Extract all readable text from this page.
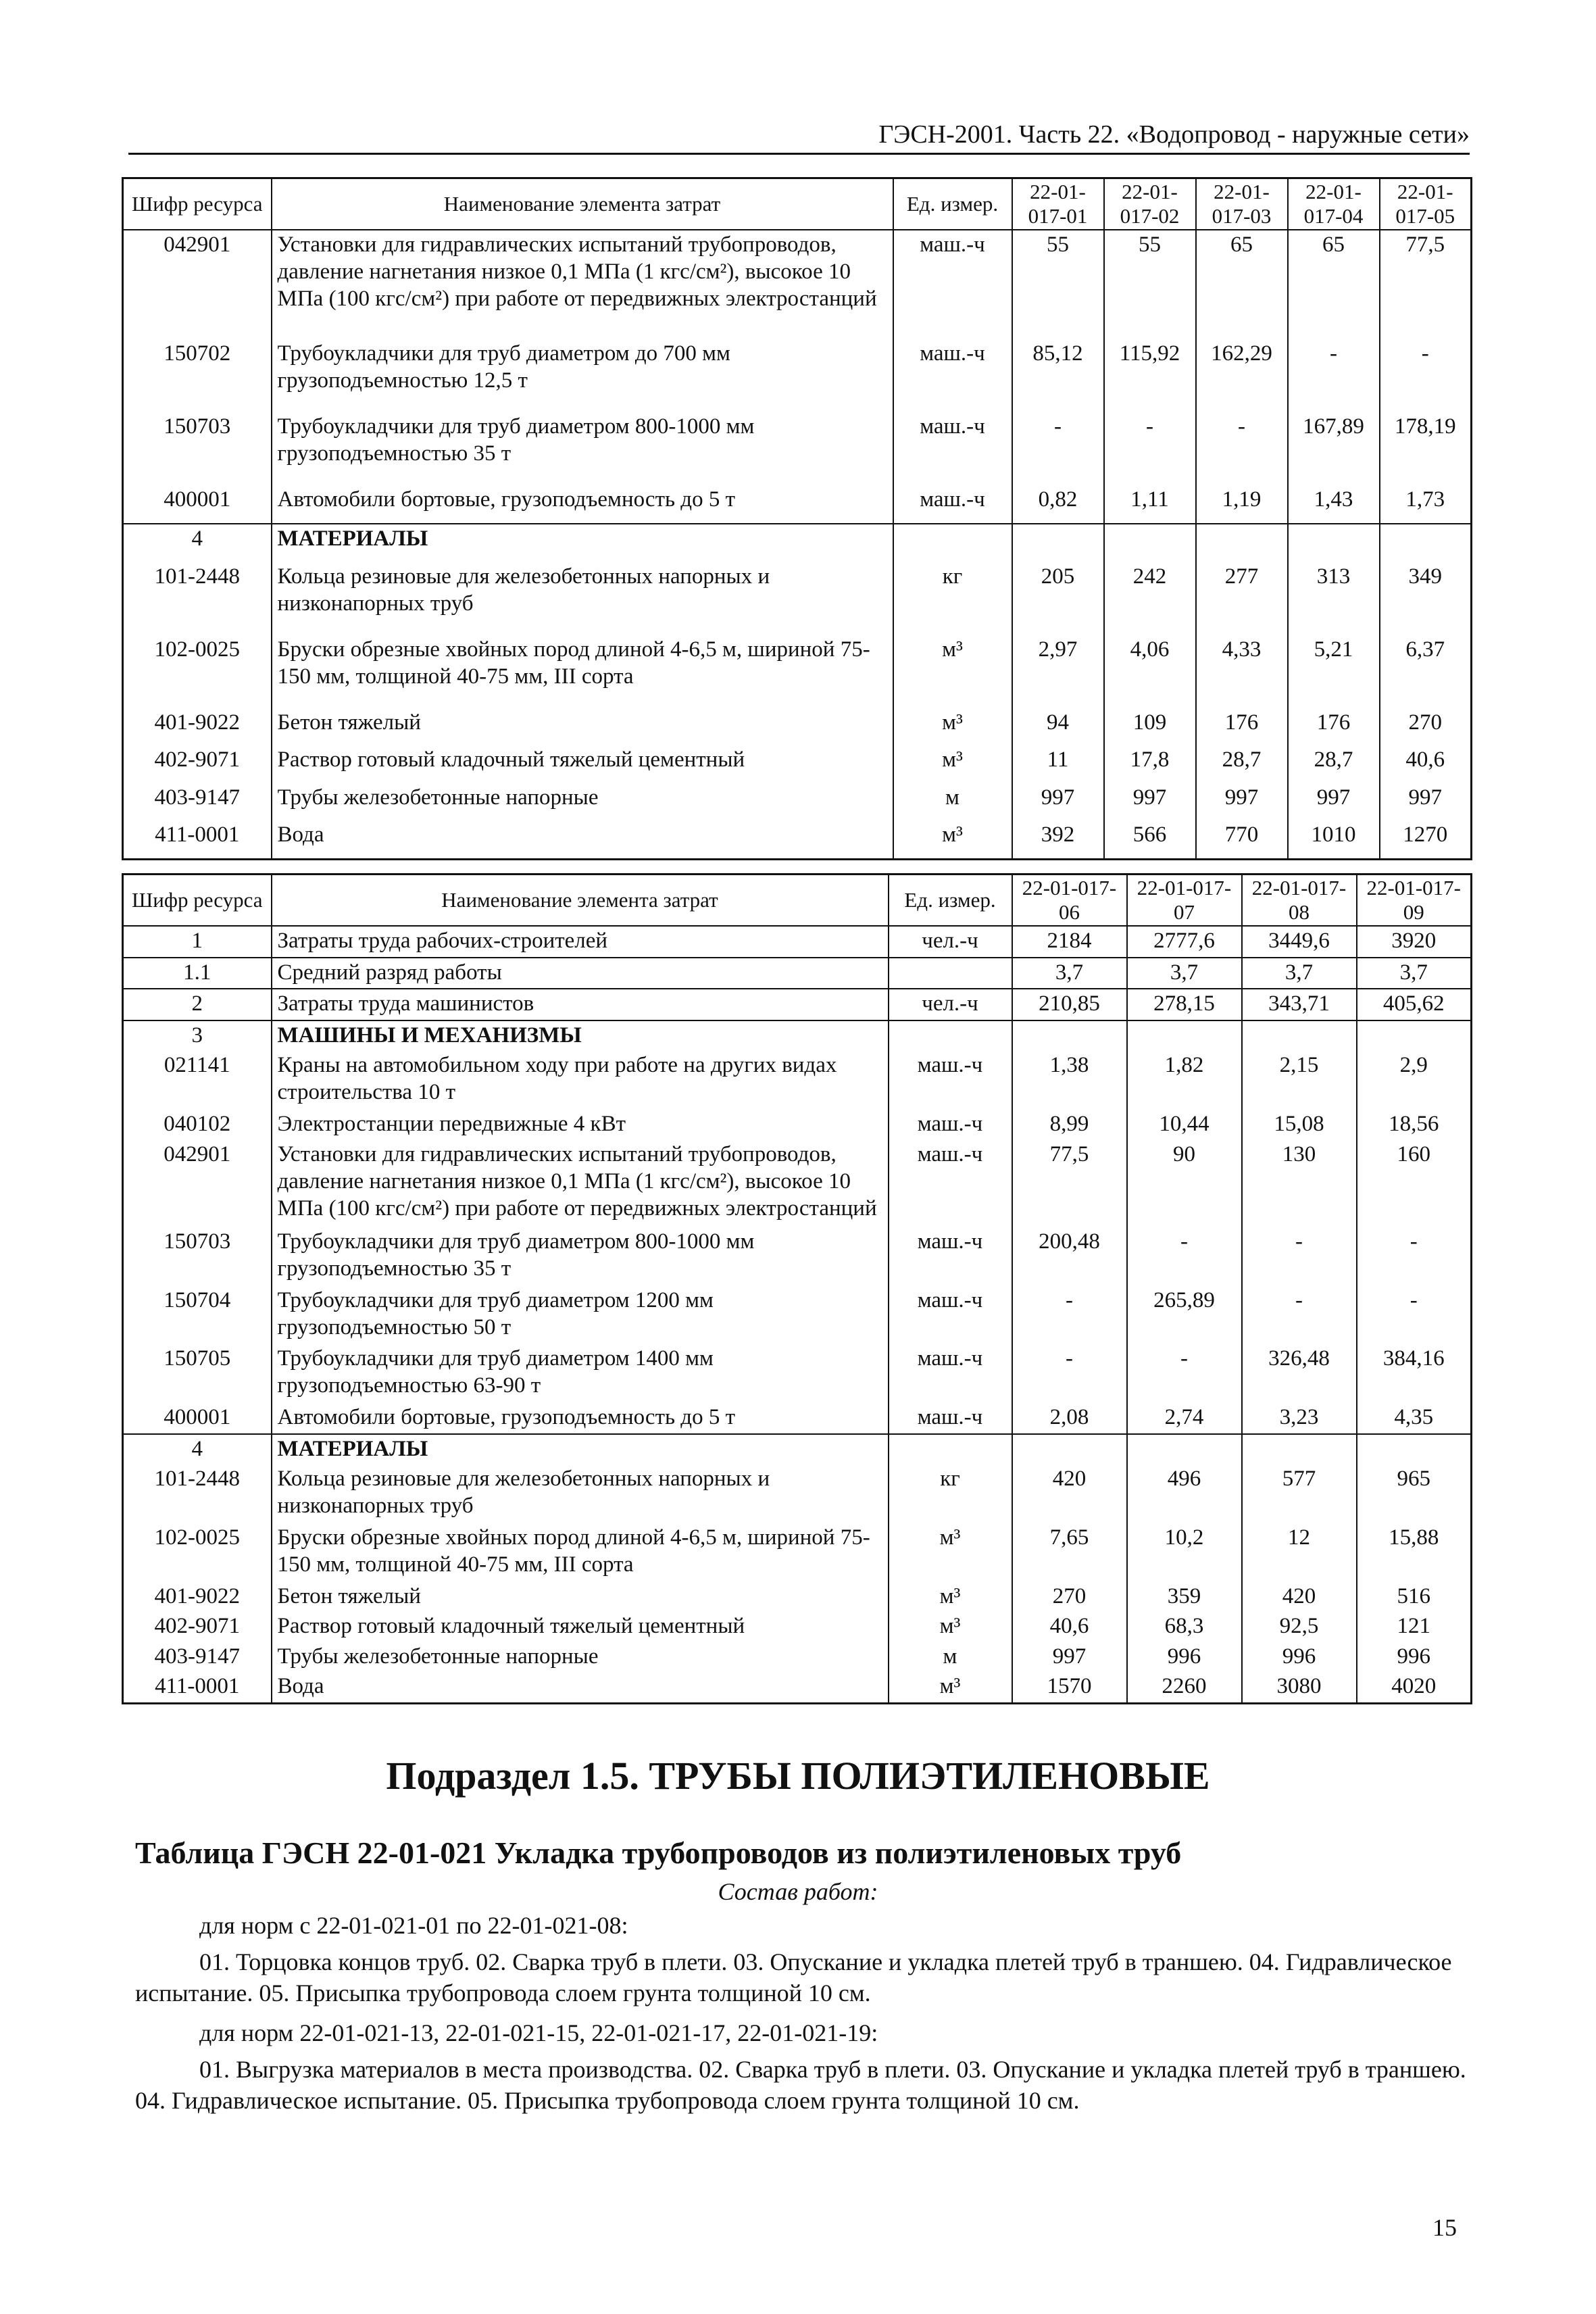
ГЭСН-2001. Часть 22. «Водопровод - наружные сети»
Шифр ресурса	Наименование элемента затрат	Ед. измер.	22-01-017-01	22-01-017-02	22-01-017-03	22-01-017-04	22-01-017-05
042901	Установки для гидравлических испытаний трубопроводов, давление нагнетания низкое 0,1 МПа (1 кгс/см²), высокое 10 МПа (100 кгс/см²) при работе от передвижных электростанций	маш.-ч	55	55	65	65	77,5
150702	Трубоукладчики для труб диаметром до 700 мм грузоподъемностью 12,5 т	маш.-ч	85,12	115,92	162,29	-	-
150703	Трубоукладчики для труб диаметром 800-1000 мм грузоподъемностью 35 т	маш.-ч	-	-	-	167,89	178,19
400001	Автомобили бортовые, грузоподъемность до 5 т	маш.-ч	0,82	1,11	1,19	1,43	1,73
4	МАТЕРИАЛЫ						
101-2448	Кольца резиновые для железобетонных напорных и низконапорных труб	кг	205	242	277	313	349
102-0025	Бруски обрезные хвойных пород длиной 4-6,5 м, шириной 75-150 мм, толщиной 40-75 мм, III сорта	м³	2,97	4,06	4,33	5,21	6,37
401-9022	Бетон тяжелый	м³	94	109	176	176	270
402-9071	Раствор готовый кладочный тяжелый цементный	м³	11	17,8	28,7	28,7	40,6
403-9147	Трубы железобетонные напорные	м	997	997	997	997	997
411-0001	Вода	м³	392	566	770	1010	1270
Шифр ресурса	Наименование элемента затрат	Ед. измер.	22-01-017-06	22-01-017-07	22-01-017-08	22-01-017-09
1	Затраты труда рабочих-строителей	чел.-ч	2184	2777,6	3449,6	3920
1.1	Средний разряд работы		3,7	3,7	3,7	3,7
2	Затраты труда машинистов	чел.-ч	210,85	278,15	343,71	405,62
3	МАШИНЫ И МЕХАНИЗМЫ					
021141	Краны на автомобильном ходу при работе на других видах строительства 10 т	маш.-ч	1,38	1,82	2,15	2,9
040102	Электростанции передвижные 4 кВт	маш.-ч	8,99	10,44	15,08	18,56
042901	Установки для гидравлических испытаний трубопроводов, давление нагнетания низкое 0,1 МПа (1 кгс/см²), высокое 10 МПа (100 кгс/см²) при работе от передвижных электростанций	маш.-ч	77,5	90	130	160
150703	Трубоукладчики для труб диаметром 800-1000 мм грузоподъемностью 35 т	маш.-ч	200,48	-	-	-
150704	Трубоукладчики для труб диаметром 1200 мм грузоподъемностью 50 т	маш.-ч	-	265,89	-	-
150705	Трубоукладчики для труб диаметром 1400 мм грузоподъемностью 63-90 т	маш.-ч	-	-	326,48	384,16
400001	Автомобили бортовые, грузоподъемность до 5 т	маш.-ч	2,08	2,74	3,23	4,35
4	МАТЕРИАЛЫ					
101-2448	Кольца резиновые для железобетонных напорных и низконапорных труб	кг	420	496	577	965
102-0025	Бруски обрезные хвойных пород длиной 4-6,5 м, шириной 75-150 мм, толщиной 40-75 мм, III сорта	м³	7,65	10,2	12	15,88
401-9022	Бетон тяжелый	м³	270	359	420	516
402-9071	Раствор готовый кладочный тяжелый цементный	м³	40,6	68,3	92,5	121
403-9147	Трубы железобетонные напорные	м	997	996	996	996
411-0001	Вода	м³	1570	2260	3080	4020
Подраздел 1.5. ТРУБЫ ПОЛИЭТИЛЕНОВЫЕ
Таблица ГЭСН 22-01-021 Укладка трубопроводов из полиэтиленовых труб
Состав работ:
для норм с 22-01-021-01 по 22-01-021-08:
01. Торцовка концов труб. 02. Сварка труб в плети. 03. Опускание и укладка плетей труб в траншею. 04. Гидравлическое испытание. 05. Присыпка трубопровода слоем грунта толщиной 10 см.
для норм 22-01-021-13, 22-01-021-15, 22-01-021-17, 22-01-021-19:
01. Выгрузка материалов в места производства. 02. Сварка труб в плети. 03. Опускание и укладка плетей труб в траншею. 04. Гидравлическое испытание. 05. Присыпка трубопровода слоем грунта толщиной 10 см.
15
